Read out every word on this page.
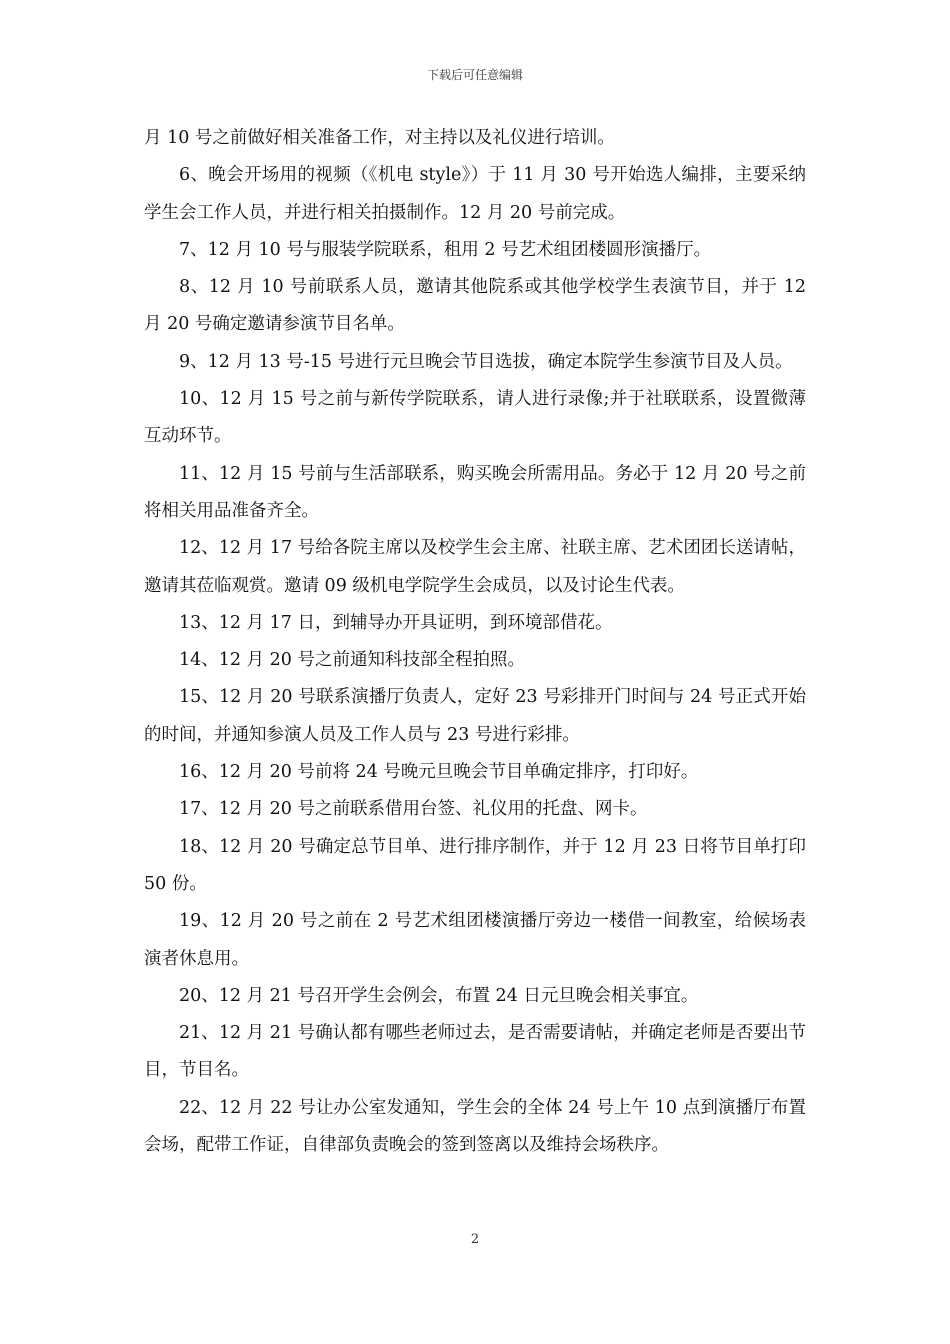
下载后可任意编辑

月 10 号之前做好相关准备工作，对主持以及礼仪进行培训。

6、晚会开场用的视频（《机电 style》）于 11 月 30 号开始选人编排，主要采纳学生会工作人员，并进行相关拍摄制作。12 月 20 号前完成。

7、12 月 10 号与服装学院联系，租用 2 号艺术组团楼圆形演播厅。

8、12 月 10 号前联系人员，邀请其他院系或其他学校学生表演节目，并于 12 月 20 号确定邀请参演节目名单。

9、12 月 13 号-15 号进行元旦晚会节目选拔，确定本院学生参演节目及人员。

10、12 月 15 号之前与新传学院联系，请人进行录像;并于社联联系，设置微薄互动环节。

11、12 月 15 号前与生活部联系，购买晚会所需用品。务必于 12 月 20 号之前将相关用品准备齐全。

12、12 月 17 号给各院主席以及校学生会主席、社联主席、艺术团团长送请帖，邀请其莅临观赏。邀请 09 级机电学院学生会成员，以及讨论生代表。

13、12 月 17 日，到辅导办开具证明，到环境部借花。

14、12 月 20 号之前通知科技部全程拍照。

15、12 月 20 号联系演播厅负责人，定好 23 号彩排开门时间与 24 号正式开始的时间，并通知参演人员及工作人员与 23 号进行彩排。

16、12 月 20 号前将 24 号晚元旦晚会节目单确定排序，打印好。

17、12 月 20 号之前联系借用台签、礼仪用的托盘、网卡。

18、12 月 20 号确定总节目单、进行排序制作，并于 12 月 23 日将节目单打印 50 份。

19、12 月 20 号之前在 2 号艺术组团楼演播厅旁边一楼借一间教室，给候场表演者休息用。

20、12 月 21 号召开学生会例会，布置 24 日元旦晚会相关事宜。

21、12 月 21 号确认都有哪些老师过去，是否需要请帖，并确定老师是否要出节目，节目名。

22、12 月 22 号让办公室发通知，学生会的全体 24 号上午 10 点到演播厅布置会场，配带工作证，自律部负责晚会的签到签离以及维持会场秩序。

2
